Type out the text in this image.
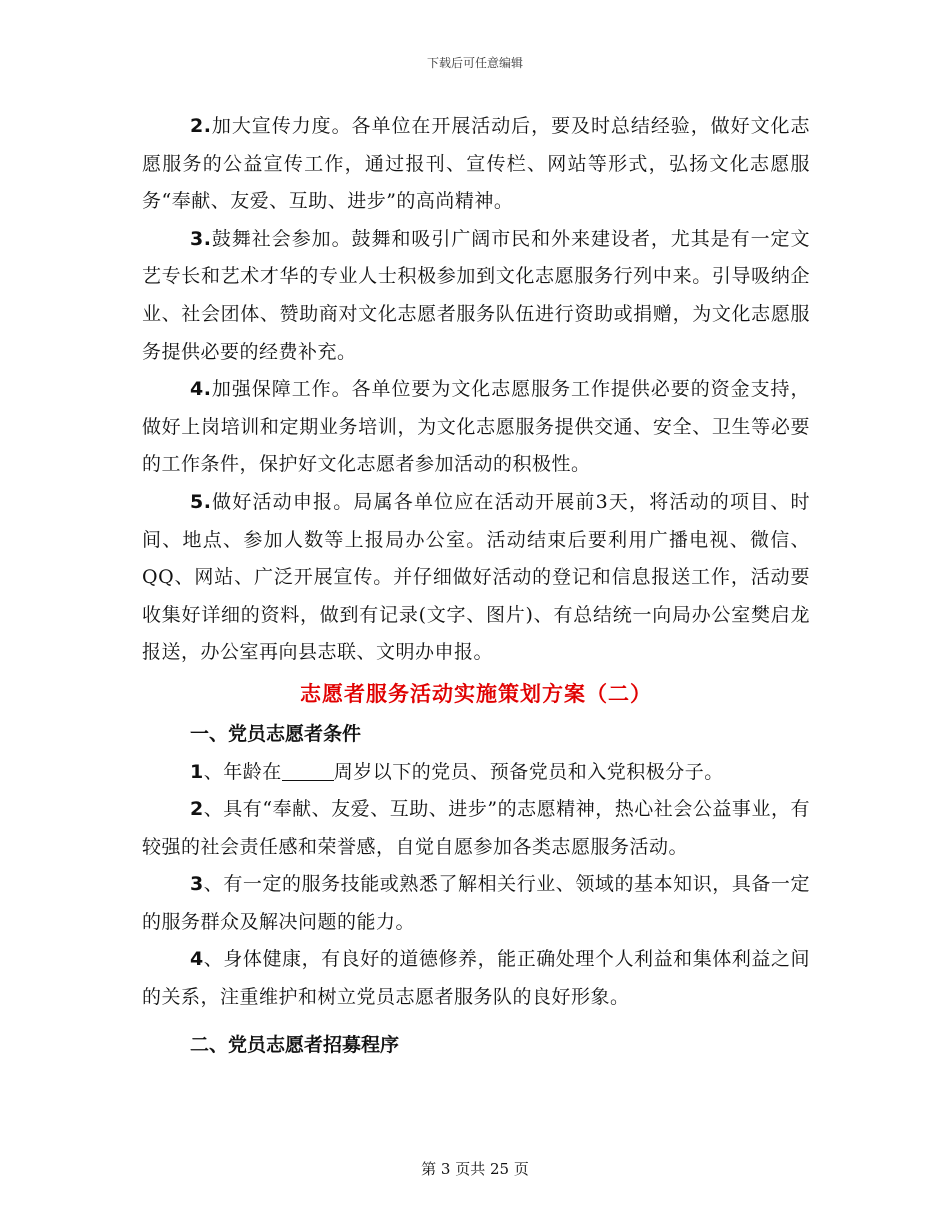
下载后可任意编辑

2.加大宣传力度。各单位在开展活动后，要及时总结经验，做好文化志愿服务的公益宣传工作，通过报刊、宣传栏、网站等形式，弘扬文化志愿服务“奉献、友爱、互助、进步”的高尚精神。

3.鼓舞社会参加。鼓舞和吸引广阔市民和外来建设者，尤其是有一定文艺专长和艺术才华的专业人士积极参加到文化志愿服务行列中来。引导吸纳企业、社会团体、赞助商对文化志愿者服务队伍进行资助或捐赠，为文化志愿服务提供必要的经费补充。

4.加强保障工作。各单位要为文化志愿服务工作提供必要的资金支持，做好上岗培训和定期业务培训，为文化志愿服务提供交通、安全、卫生等必要的工作条件，保护好文化志愿者参加活动的积极性。

5.做好活动申报。局属各单位应在活动开展前3天，将活动的项目、时间、地点、参加人数等上报局办公室。活动结束后要利用广播电视、微信、QQ、网站、广泛开展宣传。并仔细做好活动的登记和信息报送工作，活动要收集好详细的资料，做到有记录(文字、图片)、有总结统一向局办公室樊启龙报送，办公室再向县志联、文明办申报。

志愿者服务活动实施策划方案（二）
一、党员志愿者条件

1、年龄在	周岁以下的党员、预备党员和入党积极分子。

2、具有“奉献、友爱、互助、进步”的志愿精神，热心社会公益事业，有较强的社会责任感和荣誉感，自觉自愿参加各类志愿服务活动。

3、有一定的服务技能或熟悉了解相关行业、领域的基本知识，具备一定的服务群众及解决问题的能力。

4、身体健康，有良好的道德修养，能正确处理个人利益和集体利益之间的关系，注重维护和树立党员志愿者服务队的良好形象。

二、党员志愿者招募程序
第 3 页共 25 页
